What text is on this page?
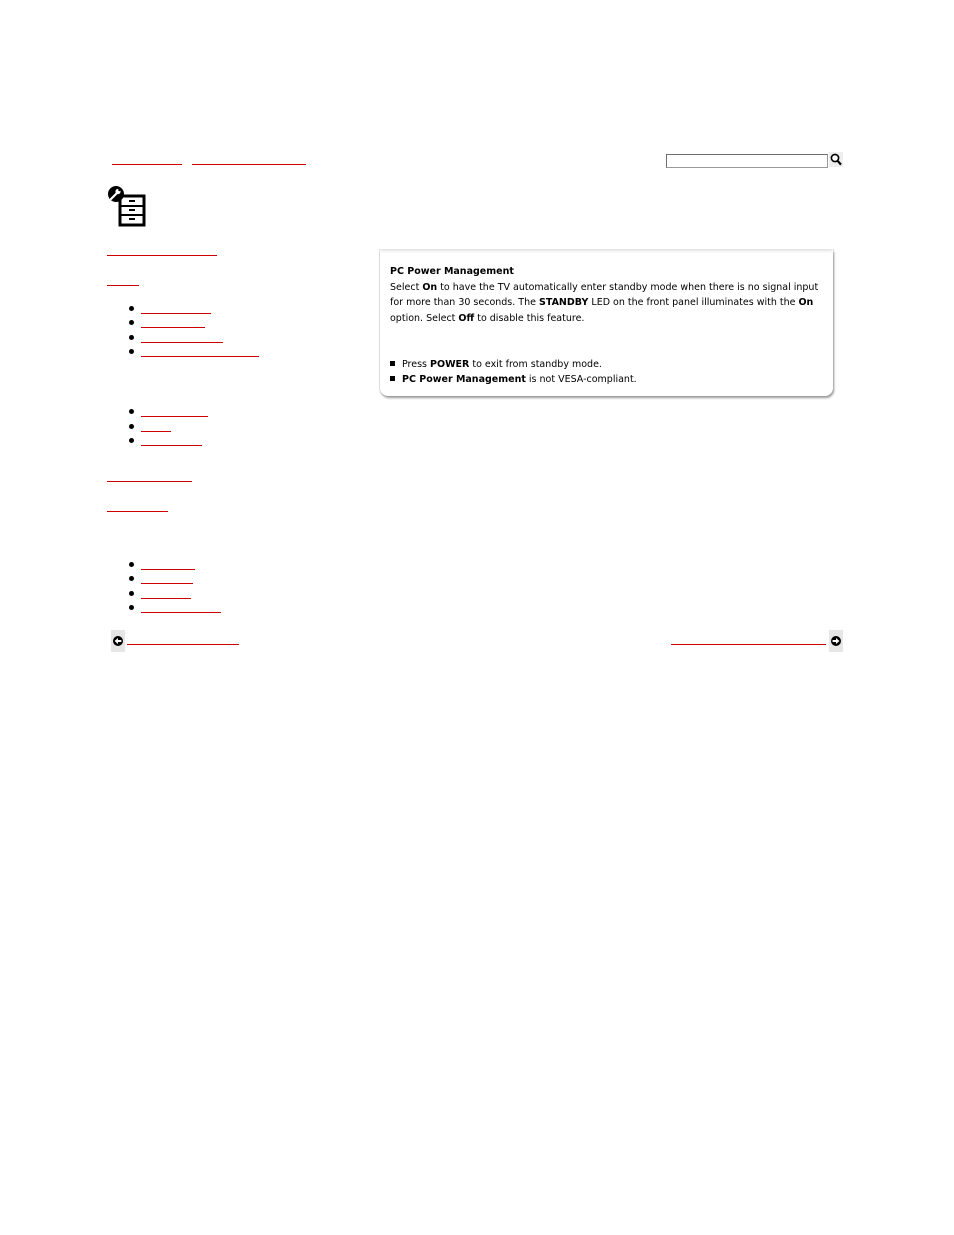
PC Power Management
Select On to have the TV automatically enter standby mode when there is no signal input for more than 30 seconds. The STANDBY LED on the front panel illuminates with the On option. Select Off to disable this feature.
Press POWER to exit from standby mode.
PC Power Management is not VESA-compliant.
